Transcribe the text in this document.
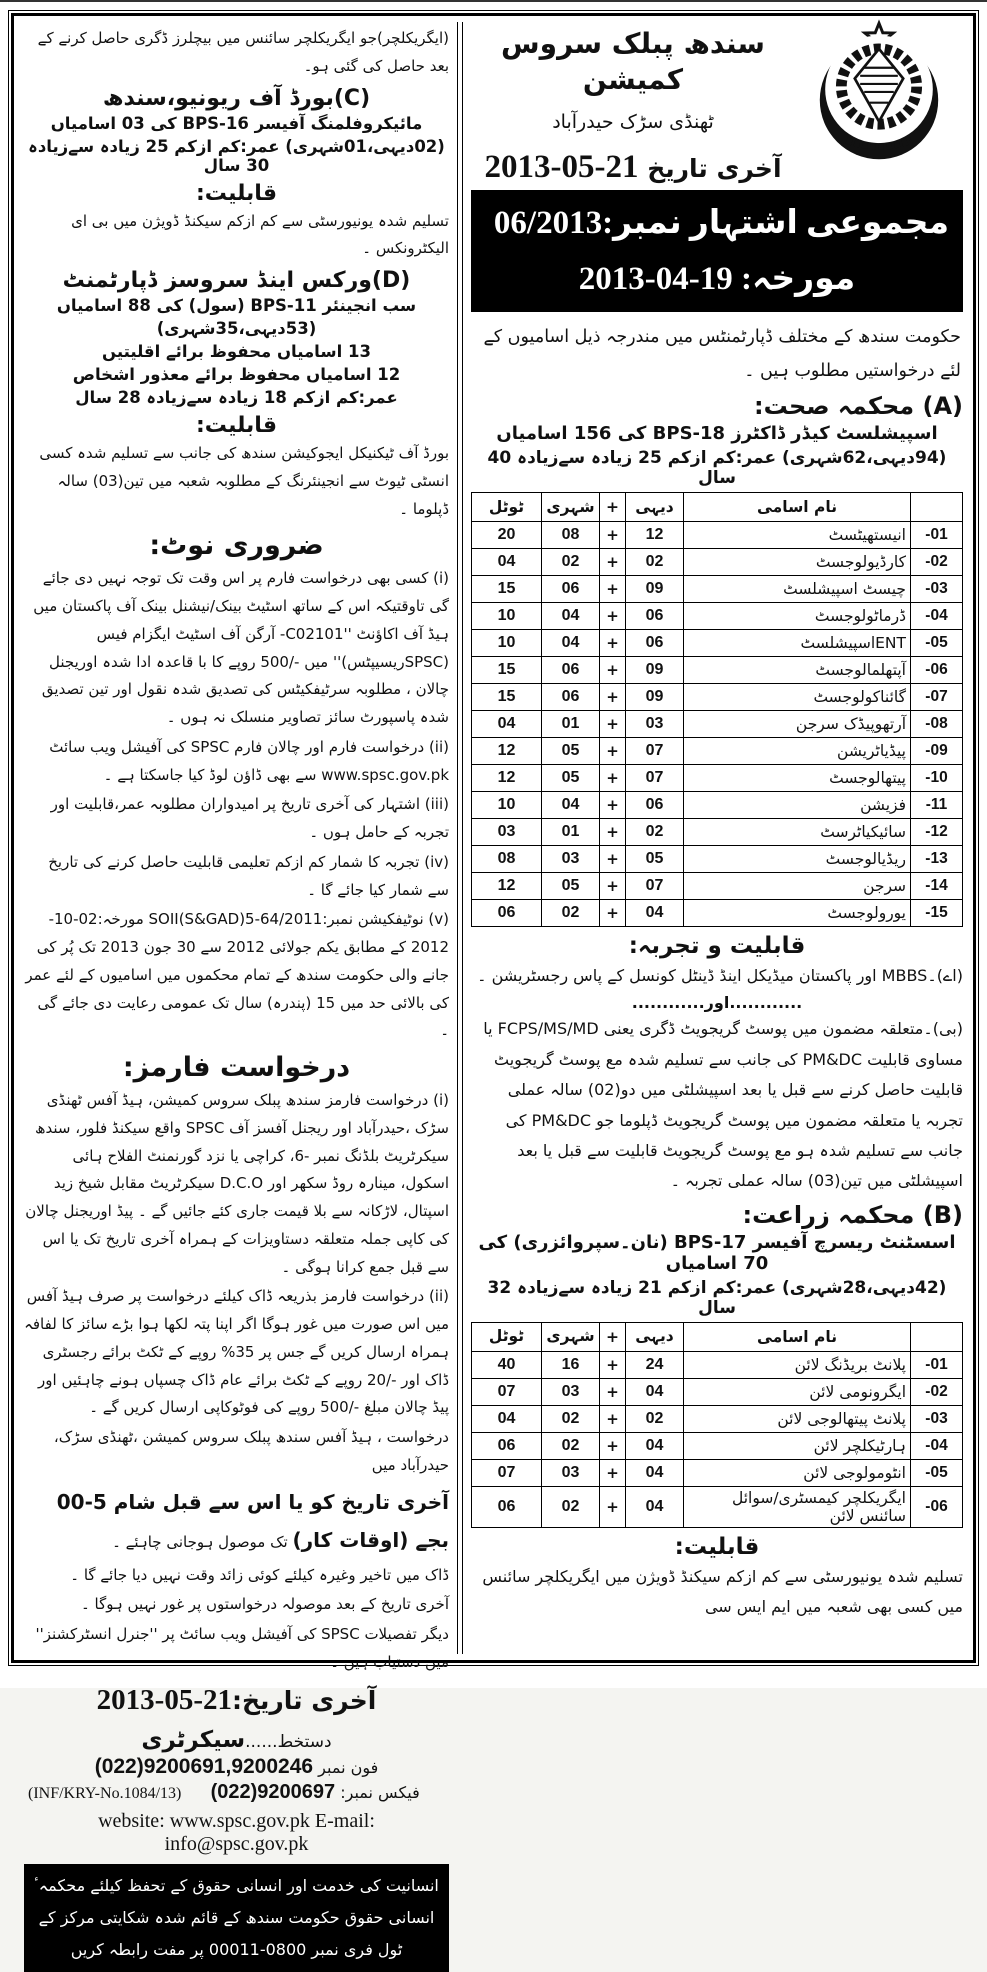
سندھ پبلک سروس کمیشن
ٹھنڈی سڑک حیدرآباد
آخری تاریخ 21-05-2013
مجموعی اشتہار نمبر:06/2013
مورخہ: 19-04-2013

حکومت سندھ کے مختلف ڈپارٹمنٹس میں مندرجہ ذیل اسامیوں کے لئے درخواستیں مطلوب ہیں ۔

(A) محکمہ صحت:
اسپیشلسٹ کیڈر ڈاکٹرز BPS-18 کی 156 اسامیاں
(94دیہی،62شہری) عمر:کم ازکم 25 زیادہ سےزیادہ 40 سال
	نام اسامی	دیہی	+	شہری	ٹوٹل
-01	انیستھیٹسٹ	12	+	08	20
-02	کارڈیولوجسٹ	02	+	02	04
-03	چیسٹ اسپیشلسٹ	09	+	06	15
-04	ڈرماٹولوجسٹ	06	+	04	10
-05	ENTاسپیشلسٹ	06	+	04	10
-06	آپتھلمالوجسٹ	09	+	06	15
-07	گائناکولوجسٹ	09	+	06	15
-08	آرتھوپیڈک سرجن	03	+	01	04
-09	پیڈیاٹریشن	07	+	05	12
-10	پیتھالوجسٹ	07	+	05	12
-11	فزیشن	06	+	04	10
-12	سائیکیاٹرسٹ	02	+	01	03
-13	ریڈیالوجسٹ	05	+	03	08
-14	سرجن	07	+	05	12
-15	یورولوجسٹ	04	+	02	06
قابلیت و تجربہ:

(اے)۔MBBS اور پاکستان میڈیکل اینڈ ڈینٹل کونسل کے پاس رجسٹریشن ۔

............اور............

(بی)۔متعلقہ مضمون میں پوسٹ گریجویٹ ڈگری یعنی FCPS/MS/MD یا مساوی قابلیت PM&DC کی جانب سے تسلیم شدہ مع پوسٹ گریجویٹ قابلیت حاصل کرنے سے قبل یا بعد اسپیشلٹی میں دو(02) سالہ عملی تجربہ یا متعلقہ مضمون میں پوسٹ گریجویٹ ڈپلوما جو PM&DC کی جانب سے تسلیم شدہ ہو مع پوسٹ گریجویٹ قابلیت سے قبل یا بعد اسپیشلٹی میں تین(03) سالہ عملی تجربہ ۔

(B) محکمہ زراعت:
اسسٹنٹ ریسرچ آفیسر BPS-17 (نان۔سپروائزری) کی 70 اسامیاں
(42دیہی،28شہری) عمر:کم ازکم 21 زیادہ سےزیادہ 32 سال
	نام اسامی	دیہی	+	شہری	ٹوٹل
-01	پلانٹ بریڈنگ لائن	24	+	16	40
-02	ایگرونومی لائن	04	+	03	07
-03	پلانٹ پیتھالوجی لائن	02	+	02	04
-04	ہارٹیکلچر لائن	04	+	02	06
-05	انٹومولوجی لائن	04	+	03	07
-06	ایگریکلچر کیمسٹری/سوائل سائنس لائن	04	+	02	06
قابلیت:

تسلیم شدہ یونیورسٹی سے کم ازکم سیکنڈ ڈویژن میں ایگریکلچر سائنس میں کسی بھی شعبہ میں ایم ایس سی

(ایگریکلچر)جو ایگریکلچر سائنس میں بیچلرز ڈگری حاصل کرنے کے بعد حاصل کی گئی ہو۔

(C)بورڈ آف ریونیو،سندھ
مائیکروفلمنگ آفیسر BPS-16 کی 03 اسامیاں
(02دیہی،01شہری) عمر:کم ازکم 25 زیادہ سےزیادہ 30 سال
قابلیت:

تسلیم شدہ یونیورسٹی سے کم ازکم سیکنڈ ڈویژن میں بی ای الیکٹرونکس ۔

(D)ورکس اینڈ سروسز ڈپارٹمنٹ
سب انجینئر BPS-11 (سول) کی 88 اسامیاں
(53دیہی،35شہری)
13 اسامیاں محفوظ برائے اقلیتیں
12 اسامیاں محفوظ برائے معذور اشخاص
عمر:کم ازکم 18 زیادہ سےزیادہ 28 سال
قابلیت:

بورڈ آف ٹیکنیکل ایجوکیشن سندھ کی جانب سے تسلیم شدہ کسی انسٹی ٹیوٹ سے انجینئرنگ کے مطلوبہ شعبہ میں تین(03) سالہ ڈپلوما ۔

ضروری نوٹ:

(i) کسی بھی درخواست فارم پر اس وقت تک توجہ نہیں دی جائے گی تاوقتیکہ اس کے ساتھ اسٹیٹ بینک/نیشنل بینک آف پاکستان میں ہیڈ آف اکاؤنٹ ''C02101- آرگن آف اسٹیٹ ایگزام فیس (SPSCریسیپٹس)'' میں -/500 روپے کا با قاعدہ ادا شدہ اوریجنل چالان ، مطلوبہ سرٹیفکیٹس کی تصدیق شدہ نقول اور تین تصدیق شدہ پاسپورٹ سائز تصاویر منسلک نہ ہوں ۔

(ii) درخواست فارم اور چالان فارم SPSC کی آفیشل ویب سائٹ www.spsc.gov.pk سے بھی ڈاؤن لوڈ کیا جاسکتا ہے ۔

(iii) اشتہار کی آخری تاریخ پر امیدواران مطلوبہ عمر،قابلیت اور تجربہ کے حامل ہوں ۔

(iv) تجربہ کا شمار کم ازکم تعلیمی قابلیت حاصل کرنے کی تاریخ سے شمار کیا جائے گا ۔

(v) نوٹیفکیشن نمبر:SOII(S&GAD)5-64/2011 مورخہ:02-10-2012 کے مطابق یکم جولائی 2012 سے 30 جون 2013 تک پُر کی جانے والی حکومت سندھ کے تمام محکموں میں اسامیوں کے لئے عمر کی بالائی حد میں 15 (پندرہ) سال تک عمومی رعایت دی جائے گی ۔

درخواست فارمز:

(i) درخواست فارمز سندھ پبلک سروس کمیشن، ہیڈ آفس ٹھنڈی سڑک ،حیدرآباد اور ریجنل آفسز آف SPSC واقع سیکنڈ فلور، سندھ سیکرٹریٹ بلڈنگ نمبر -6، کراچی یا نزد گورنمنٹ الفلاح ہائی اسکول، مینارہ روڈ سکھر اور D.C.O سیکرٹریٹ مقابل شیخ زید اسپتال، لاڑکانہ سے بلا قیمت جاری کئے جائیں گے ۔ پیڈ اوریجنل چالان کی کاپی جملہ متعلقہ دستاویزات کے ہمراہ آخری تاریخ تک یا اس سے قبل جمع کرانا ہوگی ۔

(ii) درخواست فارمز بذریعہ ڈاک کیلئے درخواست پر صرف ہیڈ آفس میں اس صورت میں غور ہوگا اگر اپنا پتہ لکھا ہوا بڑے سائز کا لفافہ ہمراہ ارسال کریں گے جس پر 35% روپے کے ٹکٹ برائے رجسٹری ڈاک اور -/20 روپے کے ٹکٹ برائے عام ڈاک چسپاں ہونے چاہئیں اور پیڈ چالان مبلغ -/500 روپے کی فوٹوکاپی ارسال کریں گے ۔

درخواست ، ہیڈ آفس سندھ پبلک سروس کمیشن ،ٹھنڈی سڑک، حیدرآباد میں

آخری تاریخ کو یا اس سے قبل شام 5-00 بجے (اوقات کار) تک موصول ہوجانی چاہئے ۔

ڈاک میں تاخیر وغیرہ کیلئے کوئی زائد وقت نہیں دیا جائے گا ۔

آخری تاریخ کے بعد موصولہ درخواستوں پر غور نہیں ہوگا ۔

دیگر تفصیلات SPSC کی آفیشل ویب سائٹ پر ''جنرل انسٹرکشنز'' میں دستیاب ہیں ۔

آخری تاریخ:21-05-2013
دستخط......سیکرٹری
فون نمبر (022)9200691,9200246
فیکس نمبر: (022)9200697
(INF/KRY-No.1084/13)
website: www.spsc.gov.pk E-mail: info@spsc.gov.pk
انسانیت کی خدمت اور انسانی حقوق کے تحفظ کیلئے محکمہٴ انسانی حقوق حکومت سندھ کے قائم شدہ شکایتی مرکز کے ٹول فری نمبر 0800-00011 پر مفت رابطہ کریں
